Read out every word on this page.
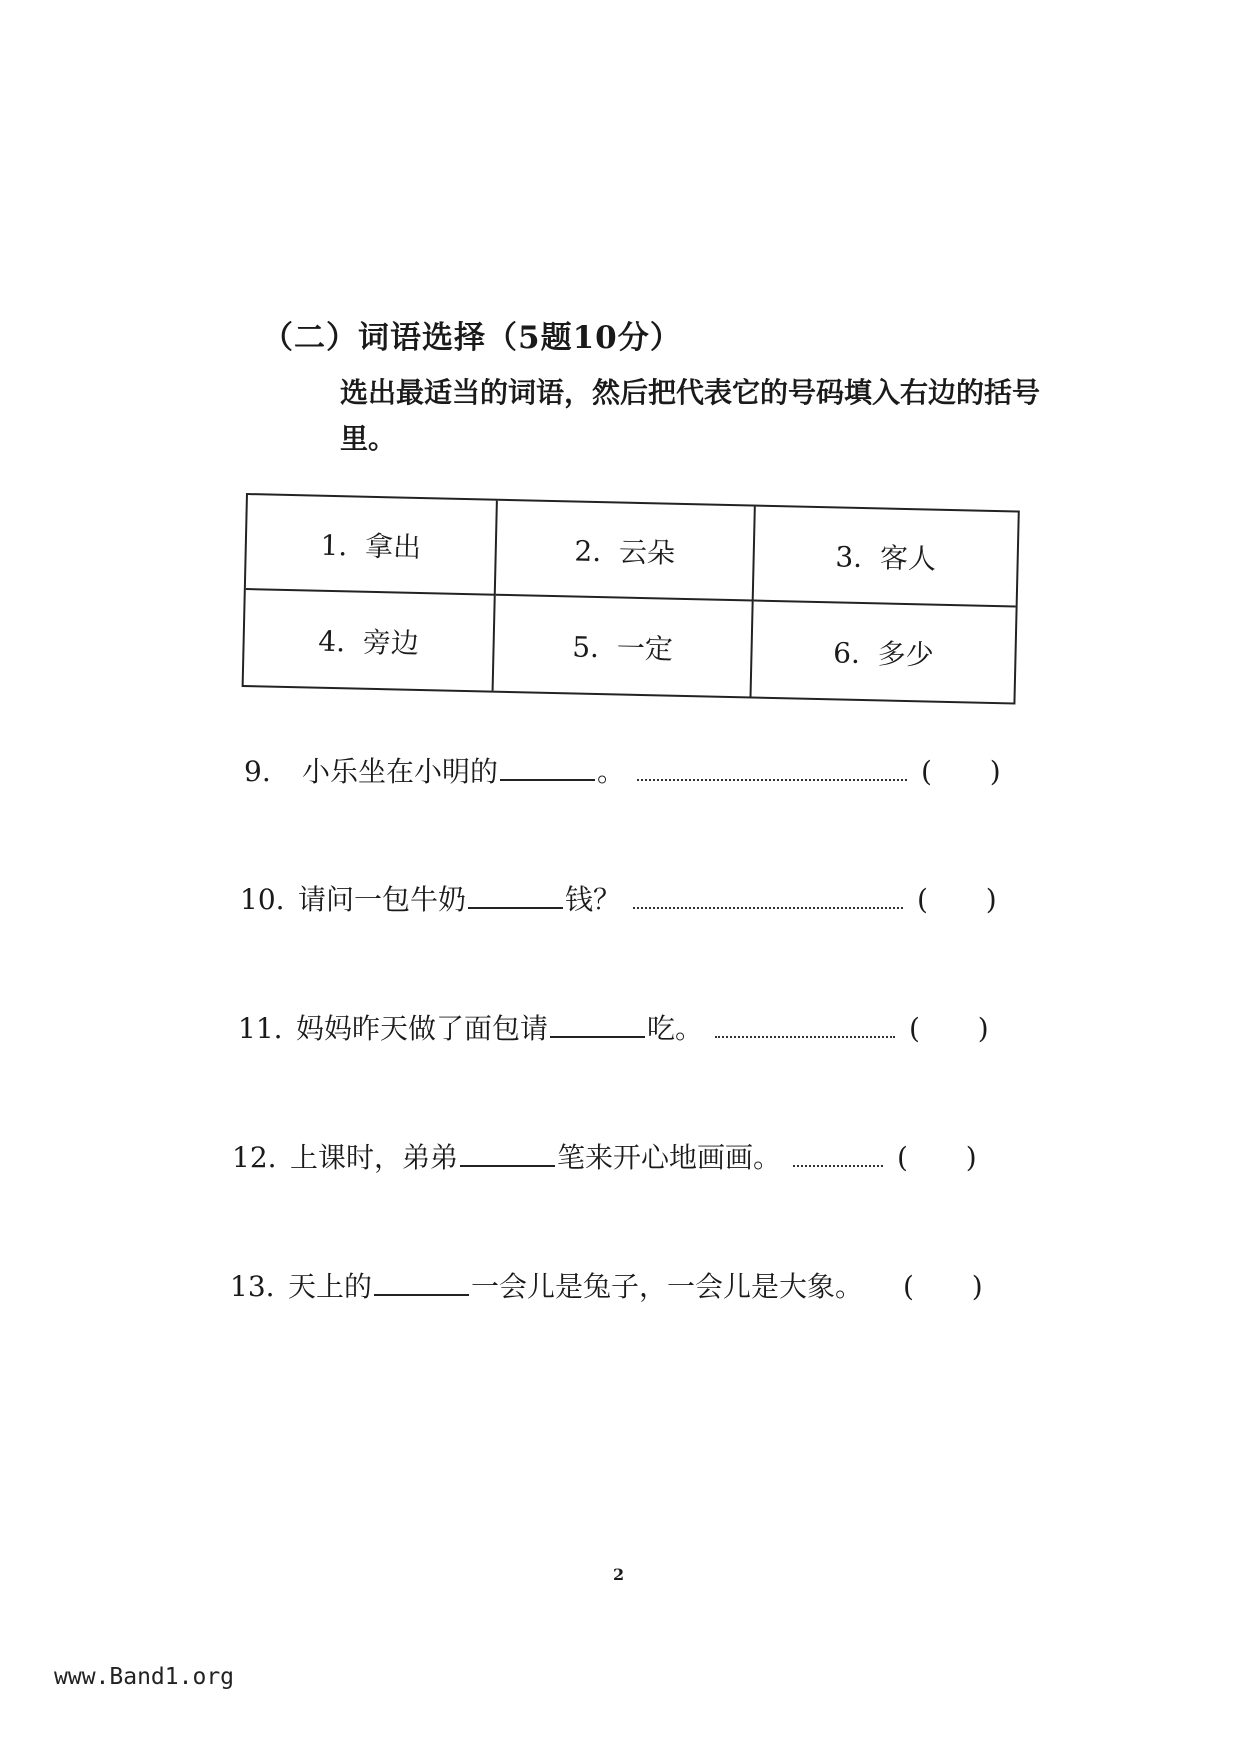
（二）词语选择（5题10分）
选出最适当的词语，然后把代表它的号码填入右边的括号里。
1.  拿出	2.  云朵	3.  客人
4.  旁边	5.  一定	6.  多少
9.	小乐坐在小明的	。	( )
10. 请问一包牛奶	钱？	( )
11. 妈妈昨天做了面包请	吃。	( )
12. 上课时，弟弟	笔来开心地画画。	( )
13. 天上的	一会儿是兔子，一会儿是大象。 ( )
2
www.Band1.org
